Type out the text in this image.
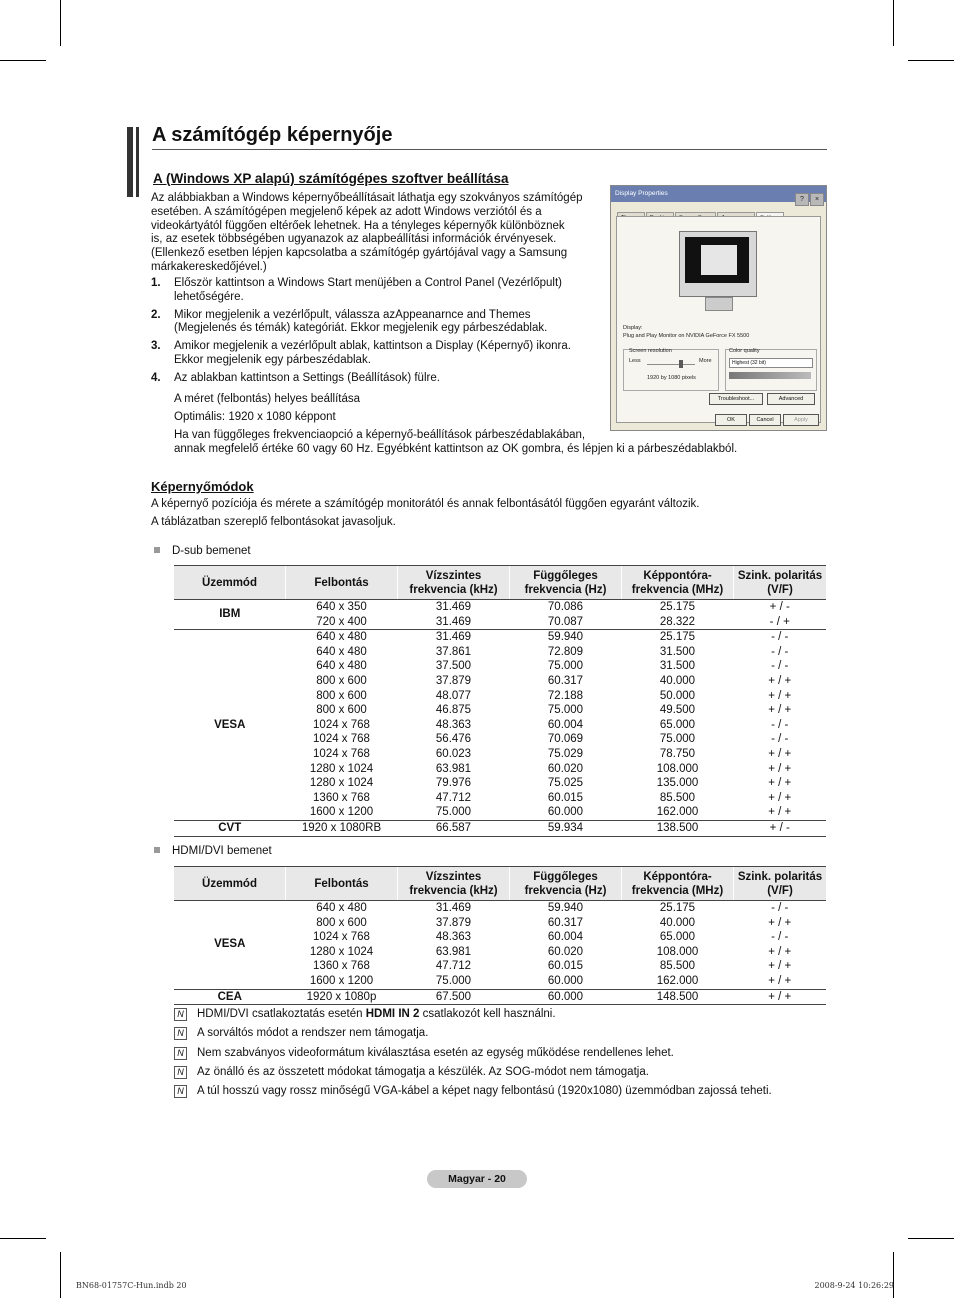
A számítógép képernyője
A (Windows XP alapú) számítógépes szoftver beállítása
Az alábbiakban a Windows képernyőbeállításait láthatja egy szokványos számítógép
esetében. A számítógépen megjelenő képek az adott Windows verziótól és a
videokártyától függően eltérőek lehetnek. Ha a tényleges képernyők különböznek
is, az esetek többségében ugyanazok az alapbeállítási információk érvényesek.
(Ellenkező esetben lépjen kapcsolatba a számítógép gyártójával vagy a Samsung
márkakereskedőjével.)
1. Először kattintson a Windows Start menüjében a Control Panel (Vezérlőpult)
lehetőségére.
2. Mikor megjelenik a vezérlőpult, válassza azAppeanarnce and Themes
(Megjelenés és témák) kategóriát. Ekkor megjelenik egy párbeszédablak.
3. Amikor megjelenik a vezérlőpult ablak, kattintson a Display (Képernyő) ikonra.
Ekkor megjelenik egy párbeszédablak.
4. Az ablakban kattintson a Settings (Beállítások) fülre.
A méret (felbontás) helyes beállítása
Optimális: 1920 x 1080 képpont
Ha van függőleges frekvenciaopció a képernyő-beállítások párbeszédablakában,
annak megfelelő értéke 60 vagy 60 Hz. Egyébként kattintson az OK gombra, és lépjen ki a párbeszédablakból.
Display Properties
? ×
Display:
Plug and Play Monitor on NVIDIA GeForce FX 5500
Screen resolution
Less	More
1920 by 1080 pixels
Color quality
Highest (32 bit)
Troubleshoot...	Advanced
OK	Cancel	Apply
Képernyőmódok
A képernyő pozíciója és mérete a számítógép monitorától és annak felbontásától függően egyaránt változik.
A táblázatban szereplő felbontásokat javasoljuk.
D-sub bemenet
Üzemmód	Felbontás	Vízszintes
frekvencia (kHz)	Függőleges
frekvencia (Hz)	Képpontóra-
frekvencia (MHz)	Szink. polaritás
(V/F)
IBM	640 x 350	31.469	70.086	25.175	+ / -
	720 x 400	31.469	70.087	28.322	- / +
VESA	640 x 480	31.469	59.940	25.175	- / -
	640 x 480	37.861	72.809	31.500	- / -
	640 x 480	37.500	75.000	31.500	- / -
	800 x 600	37.879	60.317	40.000	+ / +
	800 x 600	48.077	72.188	50.000	+ / +
	800 x 600	46.875	75.000	49.500	+ / +
	1024 x 768	48.363	60.004	65.000	- / -
	1024 x 768	56.476	70.069	75.000	- / -
	1024 x 768	60.023	75.029	78.750	+ / +
	1280 x 1024	63.981	60.020	108.000	+ / +
	1280 x 1024	79.976	75.025	135.000	+ / +
	1360 x 768	47.712	60.015	85.500	+ / +
	1600 x 1200	75.000	60.000	162.000	+ / +
CVT	1920 x 1080RB	66.587	59.934	138.500	+ / -
HDMI/DVI bemenet
Üzemmód	Felbontás	Vízszintes
frekvencia (kHz)	Függőleges
frekvencia (Hz)	Képpontóra-
frekvencia (MHz)	Szink. polaritás
(V/F)
VESA	640 x 480	31.469	59.940	25.175	- / -
	800 x 600	37.879	60.317	40.000	+ / +
	1024 x 768	48.363	60.004	65.000	- / -
	1280 x 1024	63.981	60.020	108.000	+ / +
	1360 x 768	47.712	60.015	85.500	+ / +
	1600 x 1200	75.000	60.000	162.000	+ / +
CEA	1920 x 1080p	67.500	60.000	148.500	+ / +
N HDMI/DVI csatlakoztatás esetén HDMI IN 2 csatlakozót kell használni.
N A sorváltós módot a rendszer nem támogatja.
N Nem szabványos videoformátum kiválasztása esetén az egység működése rendellenes lehet.
N Az önálló és az összetett módokat támogatja a készülék. Az SOG-módot nem támogatja.
N A túl hosszú vagy rossz minőségű VGA-kábel a képet nagy felbontású (1920x1080) üzemmódban zajossá teheti.
Magyar - 20
BN68-01757C-Hun.indb 20	2008-9-24 10:26:29
